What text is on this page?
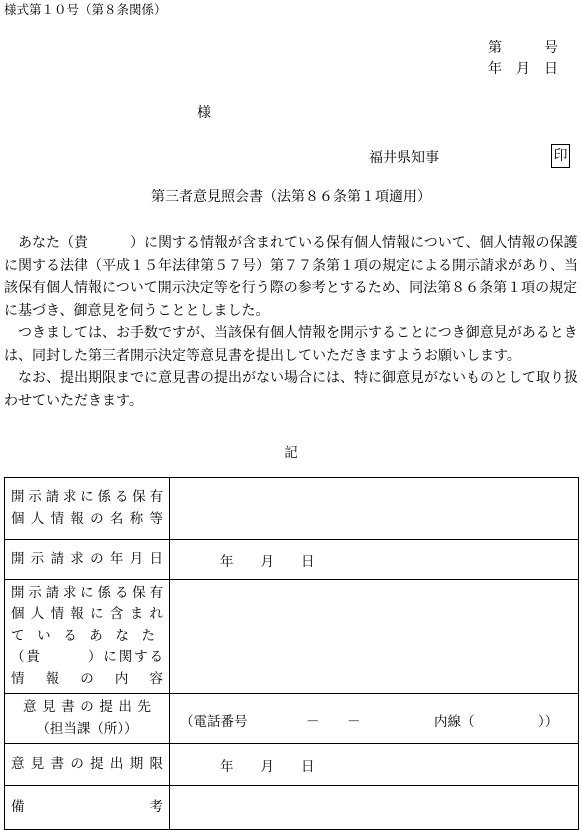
様式第１０号（第８条関係）
第　　　号
年　月　日
様
福井県知事	印
第三者意見照会書（法第８６条第１項適用）

　あなた（貴　　　）に関する情報が含まれている保有個人情報について、個人情報の保護に関する法律（平成１５年法律第５７号）第７７条第１項の規定による開示請求があり、当該保有個人情報について開示決定等を行う際の参考とするため、同法第８６条第１項の規定に基づき、御意見を伺うこととしました。

　つきましては、お手数ですが、当該保有個人情報を開示することにつき御意見があるときは、同封した第三者開示決定等意見書を提出していただきますようお願いします。

　なお、提出期限までに意見書の提出がない場合には、特に御意見がないものとして取り扱わせていただきます。

記
開示請求に係る保有
個人情報の名称等	

開示請求の年月日	年　　月　　日

開示請求に係る保有
個人情報に含まれ
ているあなた
（貴　　　）に関する
情報の内容	

意見書の提出先
（担当課（所））	（電話番号 － － 内線（ ））

意見書の提出期限	年　　月　　日

備考	
